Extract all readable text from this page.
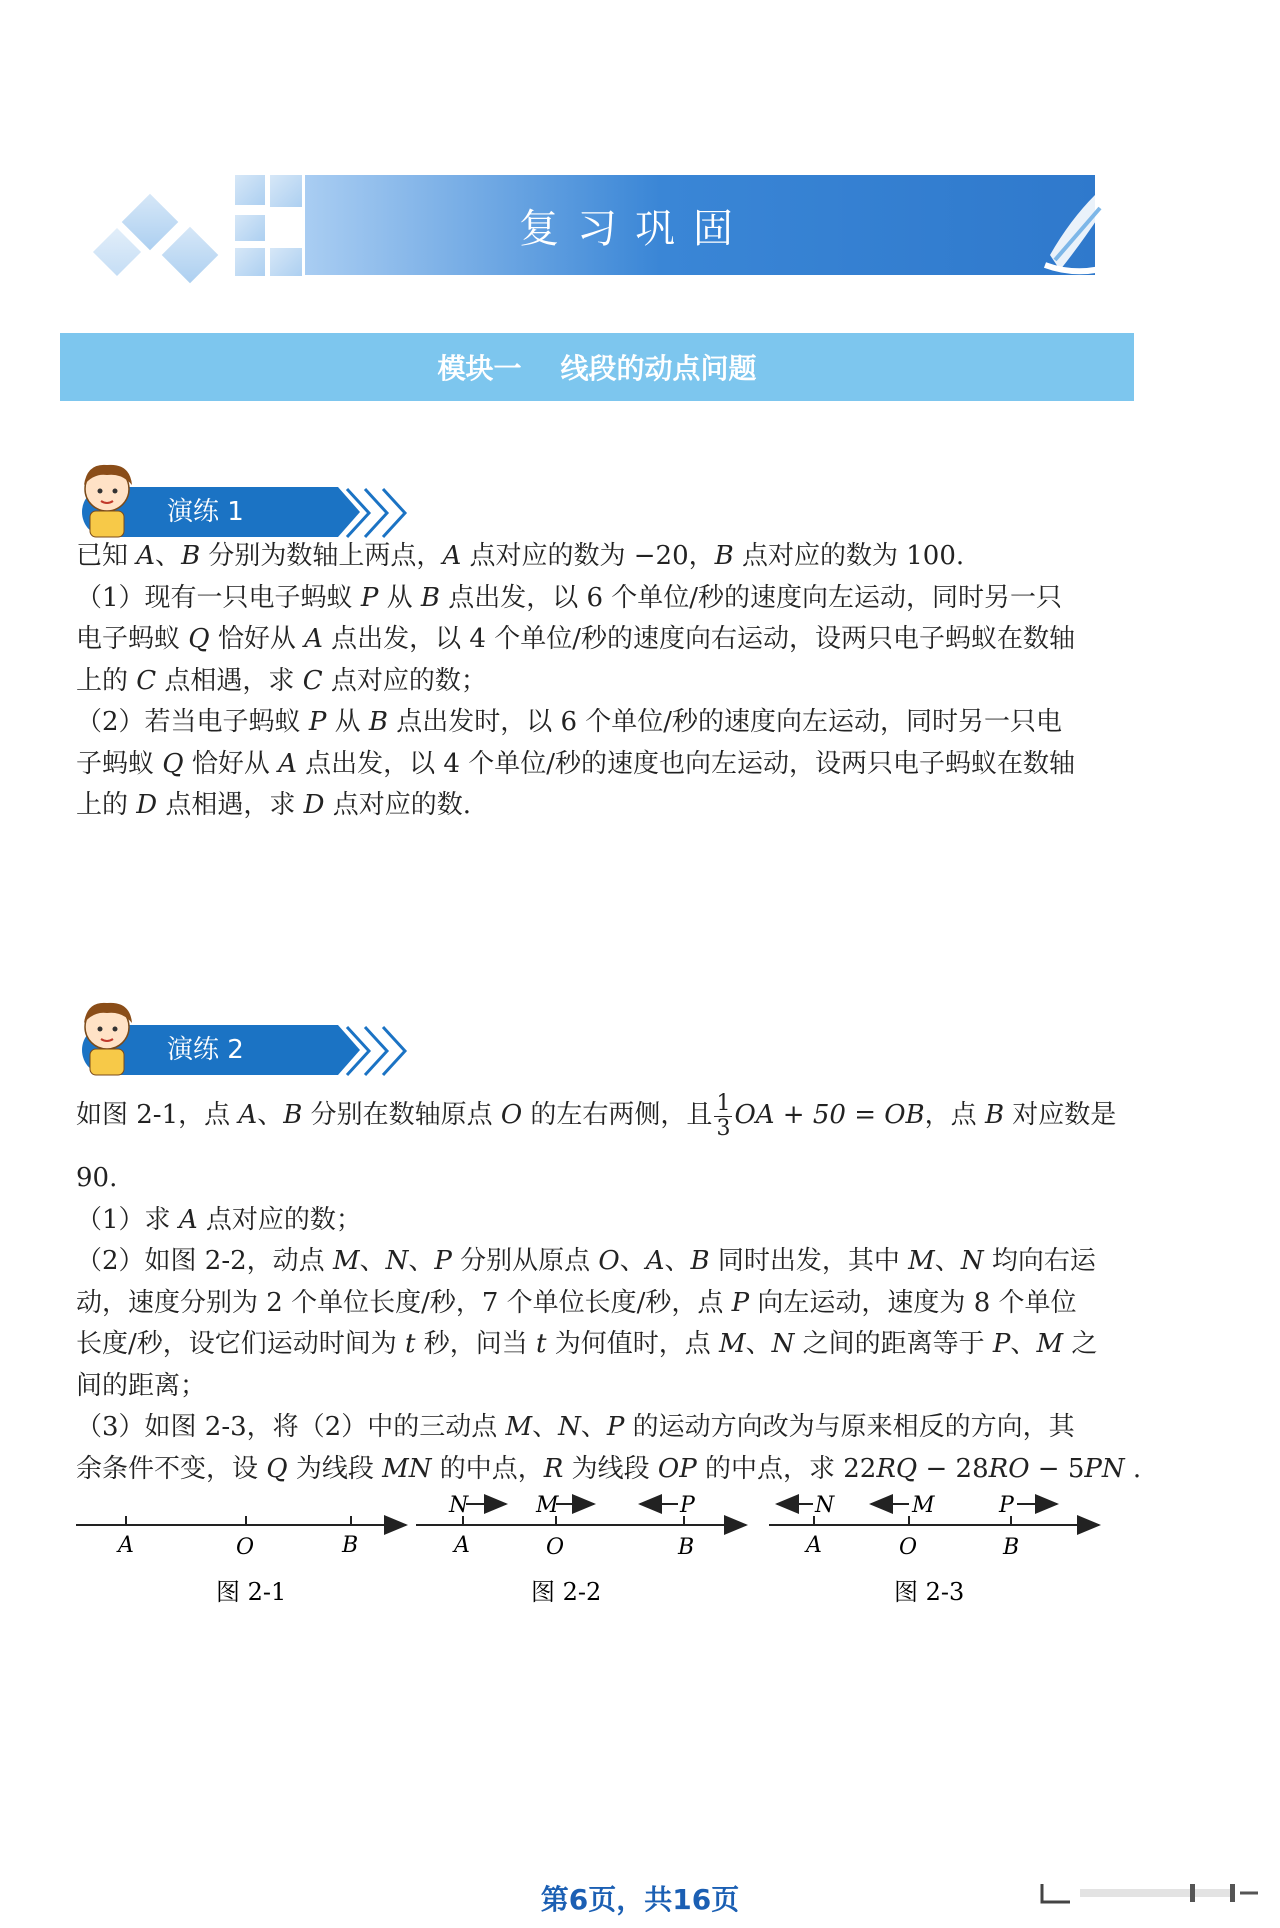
复习巩固
模块一    线段的动点问题
演练 1
已知 A、B 分别为数轴上两点，A 点对应的数为 −20，B 点对应的数为 100.
（1）现有一只电子蚂蚁 P 从 B 点出发，以 6 个单位/秒的速度向左运动，同时另一只
电子蚂蚁 Q 恰好从 A 点出发，以 4 个单位/秒的速度向右运动，设两只电子蚂蚁在数轴
上的 C 点相遇，求 C 点对应的数；
（2）若当电子蚂蚁 P 从 B 点出发时，以 6 个单位/秒的速度向左运动，同时另一只电
子蚂蚁 Q 恰好从 A 点出发，以 4 个单位/秒的速度也向左运动，设两只电子蚂蚁在数轴
上的 D 点相遇，求 D 点对应的数.
演练 2
如图 2-1，点 A、B 分别在数轴原点 O 的左右两侧，且 $\frac{1}{3}$ OA + 50 = OB，点 B 对应数是
90.
（1）求 A 点对应的数；
（2）如图 2-2，动点 M、N、P 分别从原点 O、A、B 同时出发，其中 M、N 均向右运
动，速度分别为 2 个单位长度/秒，7 个单位长度/秒，点 P 向左运动，速度为 8 个单位
长度/秒，设它们运动时间为 t 秒，问当 t 为何值时，点 M、N 之间的距离等于 P、M 之
间的距离；
（3）如图 2-3，将（2）中的三动点 M、N、P 的运动方向改为与原来相反的方向，其
余条件不变，设 Q 为线段 MN 的中点，R 为线段 OP 的中点，求 22RQ − 28RO − 5PN .
A	O	B
图 2-1
A	O	B
N	M	P
图 2-2
A	O	B
N	M	P
图 2-3
第6页，共16页
